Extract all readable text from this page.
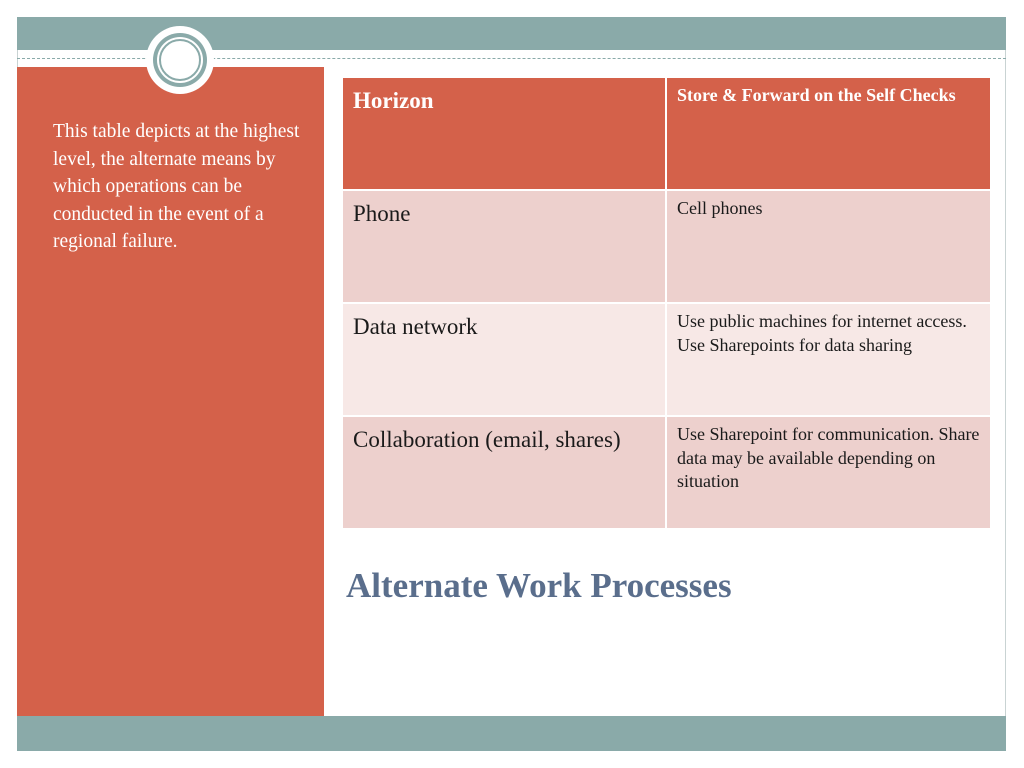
This table depicts at the highest level, the alternate means by which operations can be conducted in the event of a regional failure.
Horizon	Store & Forward on the Self Checks
Phone	Cell phones
Data network	Use public machines for internet access. Use Sharepoints for data sharing
Collaboration (email, shares)	Use Sharepoint for communication. Share data may be available depending on situation
Alternate Work Processes
